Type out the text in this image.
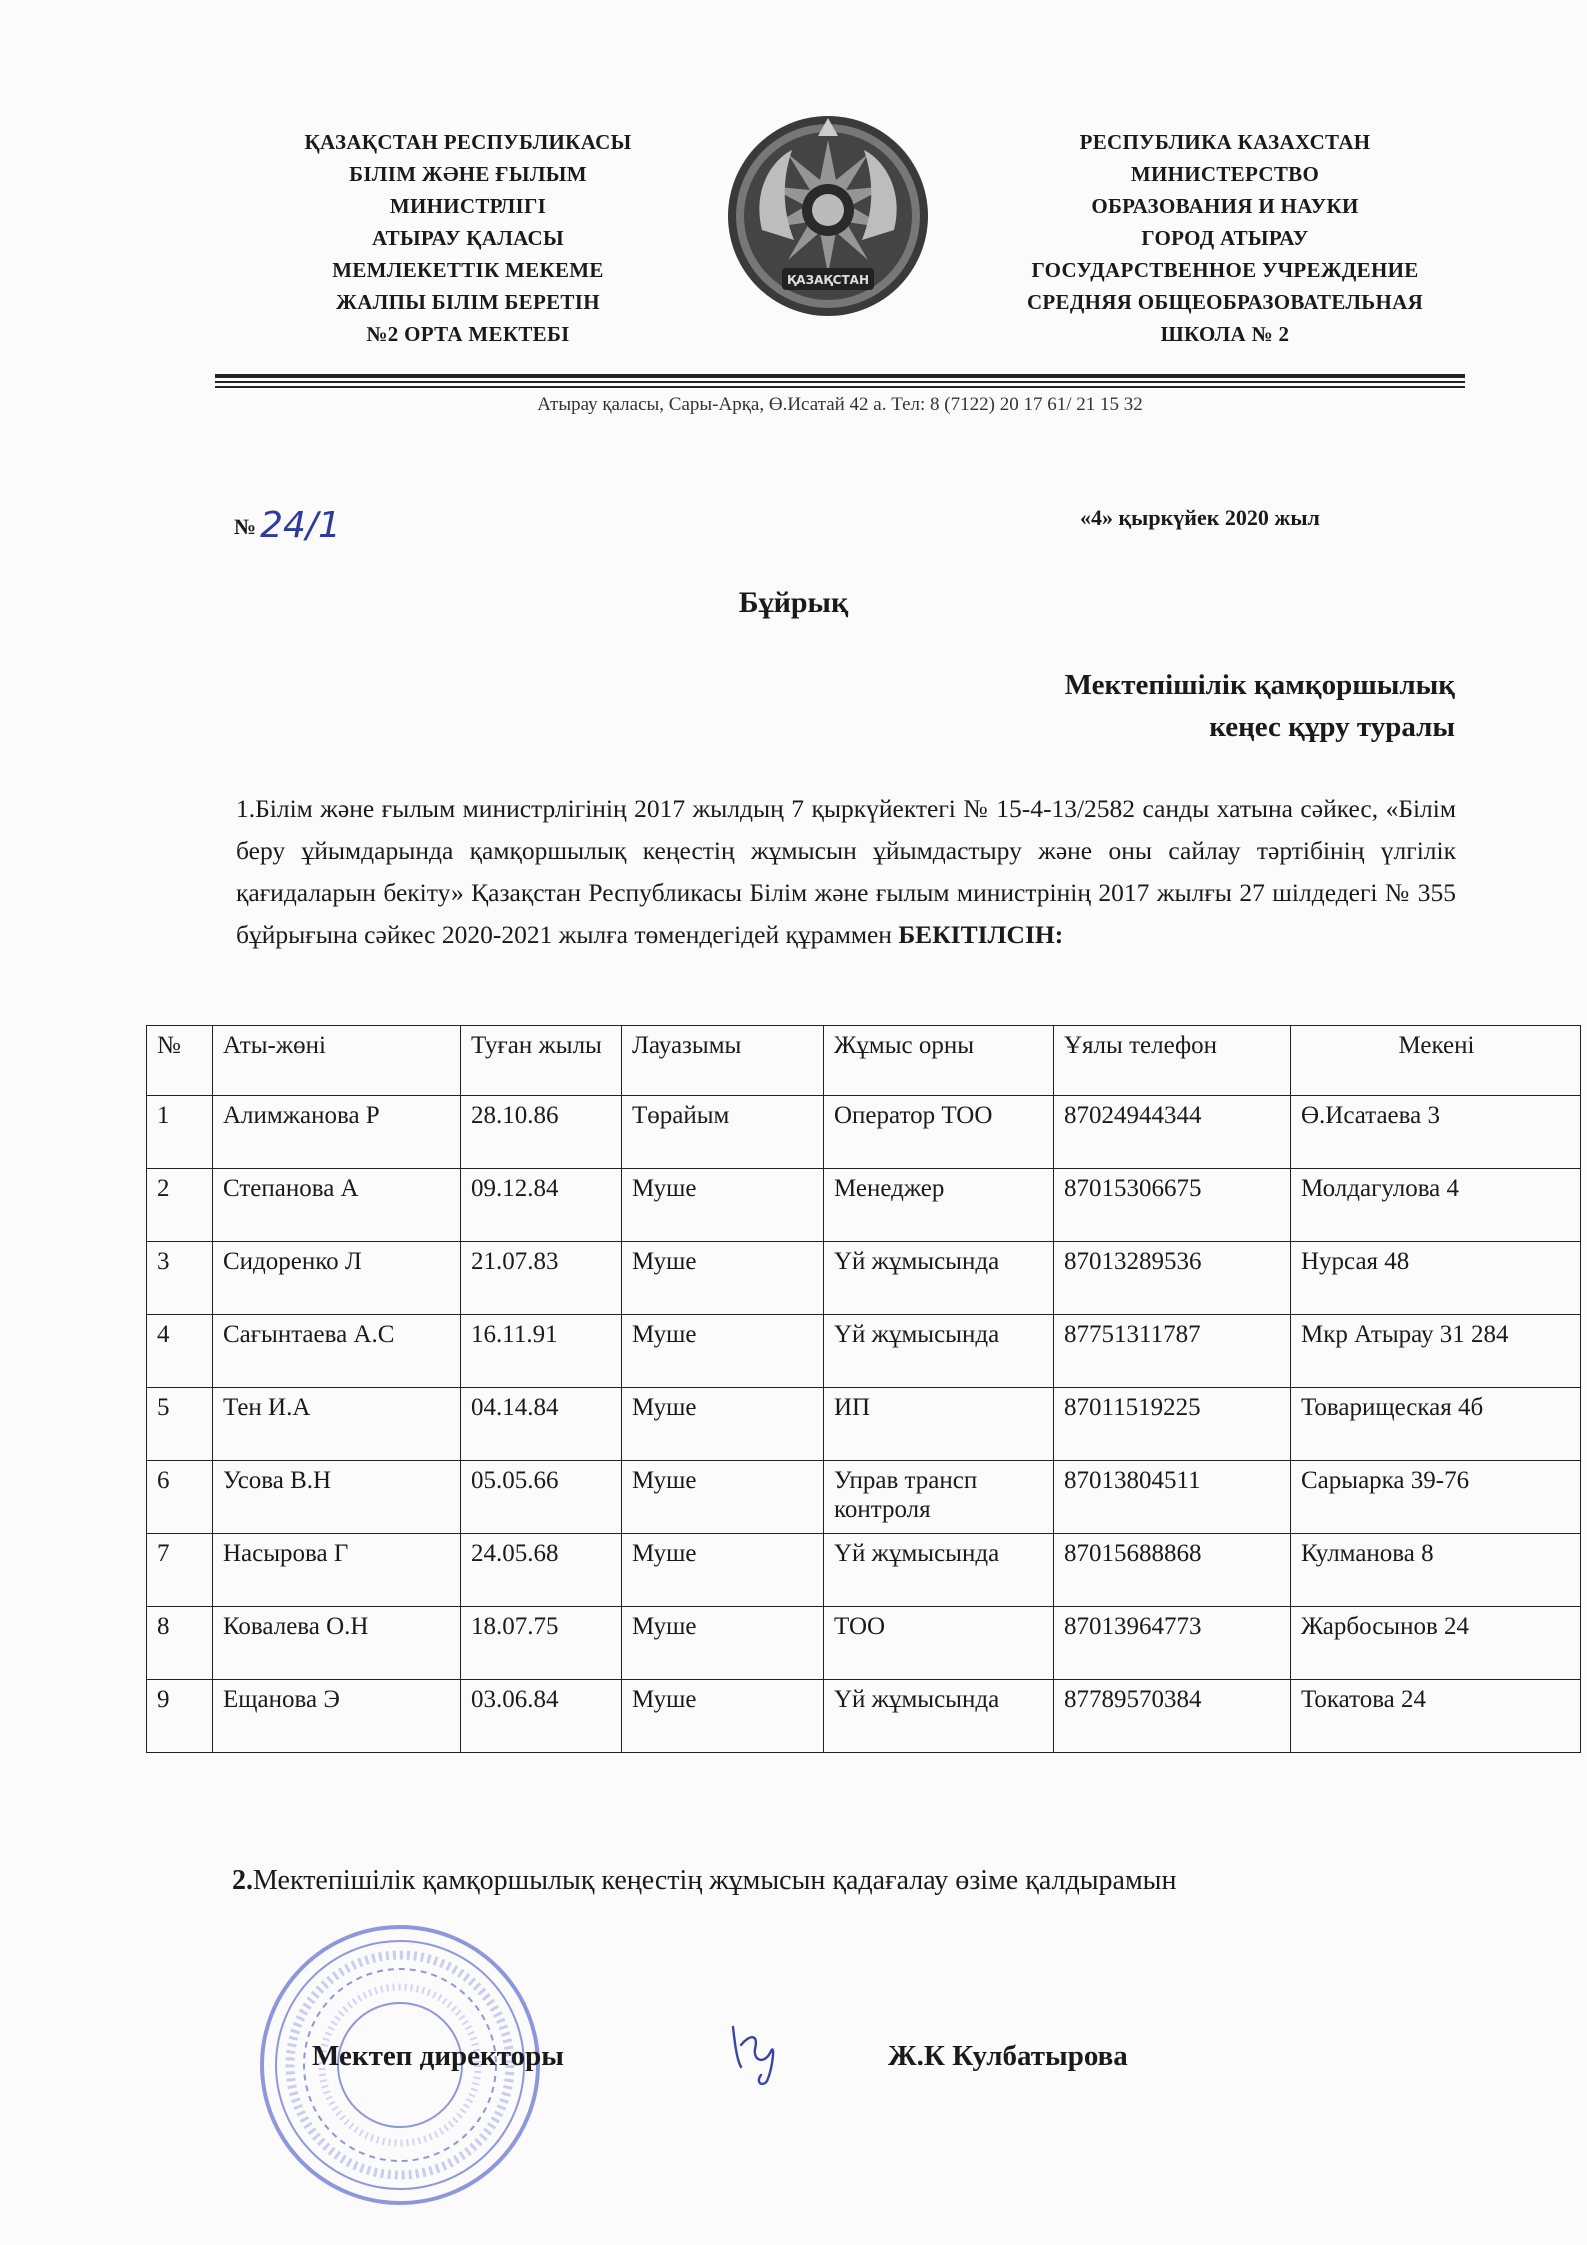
ҚАЗАҚСТАН РЕСПУБЛИКАСЫ
БІЛІМ ЖӘНЕ ҒЫЛЫМ
МИНИСТРЛІГІ
АТЫРАУ ҚАЛАСЫ
МЕМЛЕКЕТТІК МЕКЕМЕ
ЖАЛПЫ БІЛІМ БЕРЕТІН
№2 ОРТА МЕКТЕБІ
ҚАЗАҚСТАН
РЕСПУБЛИКА КАЗАХСТАН
МИНИСТЕРСТВО
ОБРАЗОВАНИЯ И НАУКИ
ГОРОД АТЫРАУ
ГОСУДАРСТВЕННОЕ УЧРЕЖДЕНИЕ
СРЕДНЯЯ ОБЩЕОБРАЗОВАТЕЛЬНАЯ
ШКОЛА № 2
Атырау қаласы, Сары-Арқа, Ө.Исатай 42 а. Тел: 8 (7122) 20 17 61/ 21 15 32
№ 24/1	«4» қыркүйек 2020 жыл
Бұйрық
Мектепішілік қамқоршылық
кеңес құру туралы
1.Білім және ғылым министрлігінің 2017 жылдың 7 қыркүйектегі № 15-4-13/2582 санды хатына сәйкес, «Білім беру ұйымдарында қамқоршылық кеңестің жұмысын ұйымдастыру және оны сайлау тәртібінің үлгілік қағидаларын бекіту» Қазақстан Республикасы Білім және ғылым министрінің 2017 жылғы 27 шілдедегі № 355 бұйрығына сәйкес 2020-2021 жылға төмендегідей құраммен БЕКІТІЛСІН:
№	Аты-жөні	Туған жылы	Лауазымы	Жұмыс орны	Ұялы телефон	Мекені
1	Алимжанова Р	28.10.86	Төрайым	Оператор ТОО	87024944344	Ө.Исатаева 3
2	Степанова А	09.12.84	Муше	Менеджер	87015306675	Молдагулова 4
3	Сидоренко Л	21.07.83	Муше	Үй жұмысында	87013289536	Нурсая 48
4	Сағынтаева А.С	16.11.91	Муше	Үй жұмысында	87751311787	Мкр Атырау 31 284
5	Тен И.А	04.14.84	Муше	ИП	87011519225	Товарищеская 4б
6	Усова В.Н	05.05.66	Муше	Управ трансп контроля	87013804511	Сарыарка 39-76
7	Насырова Г	24.05.68	Муше	Үй жұмысында	87015688868	Кулманова 8
8	Ковалева О.Н	18.07.75	Муше	ТОО	87013964773	Жарбосынов 24
9	Ещанова Э	03.06.84	Муше	Үй жұмысында	87789570384	Токатова 24
2.Мектепішілік қамқоршылық кеңестің жұмысын қадағалау өзіме қалдырамын
Мектеп директоры	Ж.К Кулбатырова
